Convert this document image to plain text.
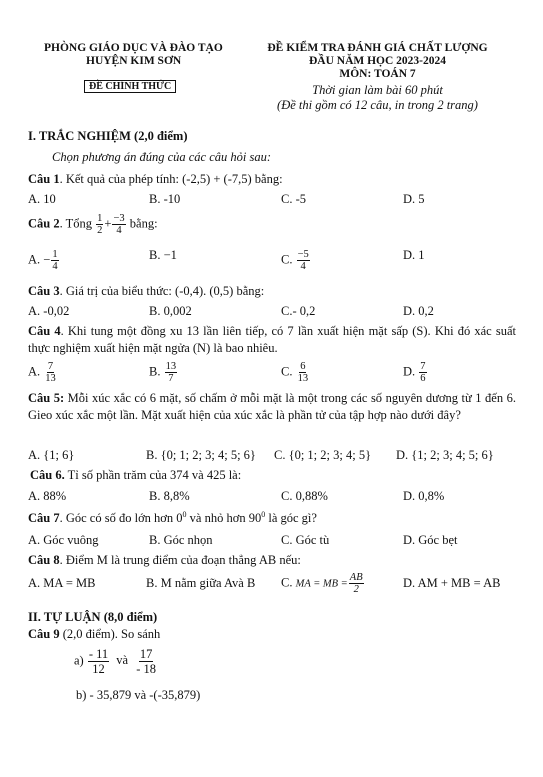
PHÒNG GIÁO DỤC VÀ ĐÀO TẠO
HUYỆN KIM SƠN
ĐỀ CHÍNH THỨC
ĐỀ KIỂM TRA ĐÁNH GIÁ CHẤT LƯỢNG
ĐẦU NĂM HỌC 2023-2024
MÔN: TOÁN 7
Thời gian làm bài 60 phút
(Đề thi gồm có 12 câu, in trong 2 trang)
I. TRẮC NGHIỆM (2,0 điểm)
Chọn phương án đúng của các câu hỏi sau:
Câu 1. Kết quả của phép tính: (-2,5) + (-7,5) bằng:
A. 10	B. -10	C. -5	D. 5
Câu 2. Tổng $\frac{1}{2} + \frac{-3}{4}$ bằng:
A. − $\frac{1}{4}$	B. −1	C. $\frac{-5}{4}$	D. 1
Câu 3. Giá trị của biểu thức: (-0,4). (0,5) bằng:
A. -0,02	B. 0,002	C.- 0,2	D. 0,2
Câu 4. Khi tung một đồng xu 13 lần liên tiếp, có 7 lần xuất hiện mặt sấp (S). Khi đó xác suất thực nghiệm xuất hiện mặt ngửa (N) là bao nhiêu.
A. $\frac{7}{13}$	B. $\frac{13}{7}$	C. $\frac{6}{13}$	D. $\frac{7}{6}$
Câu 5: Mỗi xúc xắc có 6 mặt, số chấm ở mỗi mặt là một trong các số nguyên dương từ 1 đến 6. Gieo xúc xắc một lần. Mặt xuất hiện của xúc xắc là phần tử của tập hợp nào dưới đây?
A. {1; 6}	B. {0; 1; 2; 3; 4; 5; 6} C. {0; 1; 2; 3; 4; 5} D. {1; 2; 3; 4; 5; 6}
Câu 6. Tỉ số phần trăm của 374 và 425 là:
A. 88%	B. 8,8%	C. 0,88%	D. 0,8%
Câu 7. Góc có số đo lớn hơn $0^0$ và nhỏ hơn $90^0$ là góc gì?
A. Góc vuông	B. Góc nhọn	C. Góc tù	D. Góc bẹt
Câu 8. Điểm M là trung điểm của đoạn thẳng AB nếu:
A. MA = MB	B. M nằm giữa Avà B C. MA = MB = $\frac{AB}{2}$	D. AM + MB = AB
II. TỰ LUẬN (8,0 điểm)
Câu 9 (2,0 điểm). So sánh
$a) \frac{- 11}{12}$ và $\frac{17}{- 18}$
b) - 35,879 và -(-35,879)
